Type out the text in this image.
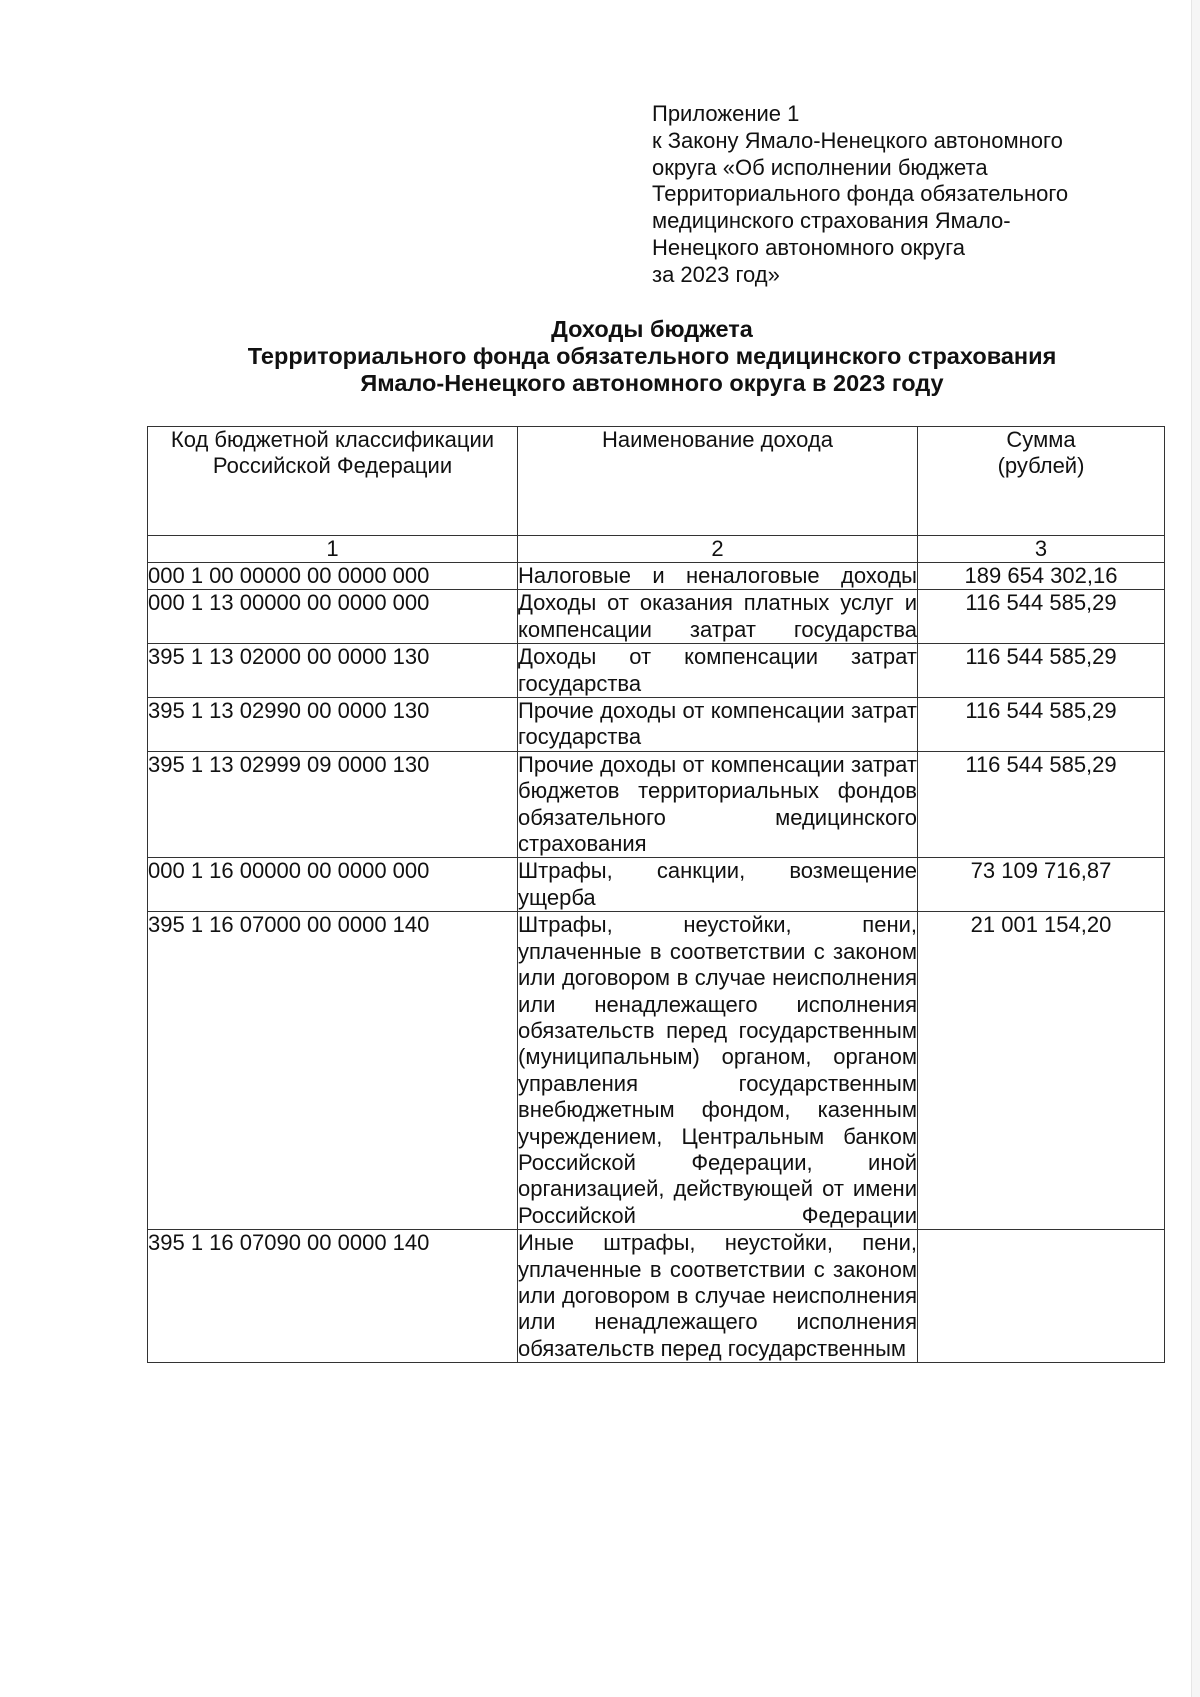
Приложение 1
к Закону Ямало-Ненецкого автономного
округа «Об исполнении бюджета
Территориального фонда обязательного
медицинского страхования Ямало-
Ненецкого автономного округа
за 2023 год»
Доходы бюджета
Территориального фонда обязательного медицинского страхования
Ямало-Ненецкого автономного округа в 2023 году
Код бюджетной классификации Российской Федерации	Наименование дохода	Сумма (рублей)
1	2	3
000 1 00 00000 00 0000 000	Налоговые и неналоговые доходы	189 654 302,16
000 1 13 00000 00 0000 000	Доходы от оказания платных услуг и компенсации затрат государства	116 544 585,29
395 1 13 02000 00 0000 130	Доходы от компенсации затрат государства	116 544 585,29
395 1 13 02990 00 0000 130	Прочие доходы от компенсации затрат государства	116 544 585,29
395 1 13 02999 09 0000 130	Прочие доходы от компенсации затрат бюджетов территориальных фондов обязательного медицинского страхования	116 544 585,29
000 1 16 00000 00 0000 000	Штрафы, санкции, возмещение ущерба	73 109 716,87
395 1 16 07000 00 0000 140	Штрафы, неустойки, пени, уплаченные в соответствии с законом или договором в случае неисполнения или ненадлежащего исполнения обязательств перед государственным (муниципальным) органом, органом управления государственным внебюджетным фондом, казенным учреждением, Центральным банком Российской Федерации, иной организацией, действующей от имени Российской Федерации	21 001 154,20
395 1 16 07090 00 0000 140	Иные штрафы, неустойки, пени, уплаченные в соответствии с законом или договором в случае неисполнения или ненадлежащего исполнения обязательств перед государственным	
